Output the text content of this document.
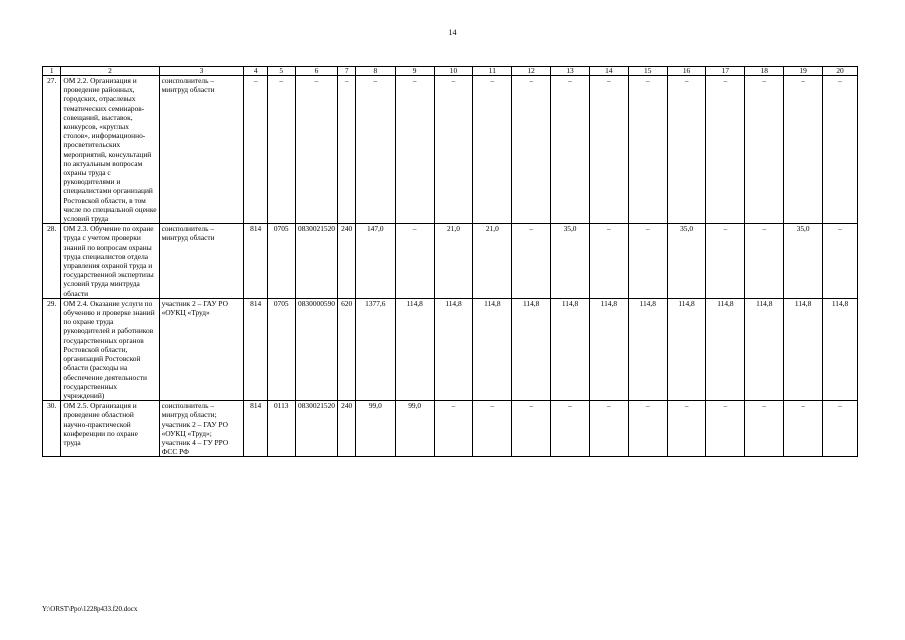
14
1	2	3	4	5	6	7	8	9	10	11	12	13	14	15	16	17	18	19	20
27.	ОМ 2.2. Организация и проведение районных, городских, отраслевых тематических семинаров-совещаний, выставок, конкурсов, «круглых столов», информационно-просветительских мероприятий, консультаций по актуальным вопросам охраны труда с руководителями и специалистами организаций Ростовской области, в том числе по специальной оценке условий труда	соисполнитель – минтруд области	–	–	–	–	–	–	–	–	–	–	–	–	–	–	–	–	–
28.	ОМ 2.3. Обучение по охране труда с учетом проверки знаний по вопросам охраны труда специалистов отдела управления охраной труда и государственной экспертизы условий труда минтруда области	соисполнитель – минтруд области	814	0705	0830021520	240	147,0	–	21,0	21,0	–	35,0	–	–	35,0	–	–	35,0	–
29.	ОМ 2.4. Оказание услуги по обучению и проверке знаний по охране труда руководителей и работников государственных органов Ростовской области, организаций Ростовской области (расходы на обеспечение деятельности государственных учреждений)	участник 2 – ГАУ РО «ОУКЦ «Труд»	814	0705	0830000590	620	1377,6	114,8	114,8	114,8	114,8	114,8	114,8	114,8	114,8	114,8	114,8	114,8	114,8
30.	ОМ 2.5. Организация и проведение областной научно-практической конференции по охране труда	соисполнитель – минтруд области; участник 2 – ГАУ РО «ОУКЦ «Труд»; участник 4 – ГУ РРО ФСС РФ	814	0113	0830021520	240	99,0	99,0	–	–	–	–	–	–	–	–	–	–	–
Y:\ORST\Ppo\1228p433.f20.docx
